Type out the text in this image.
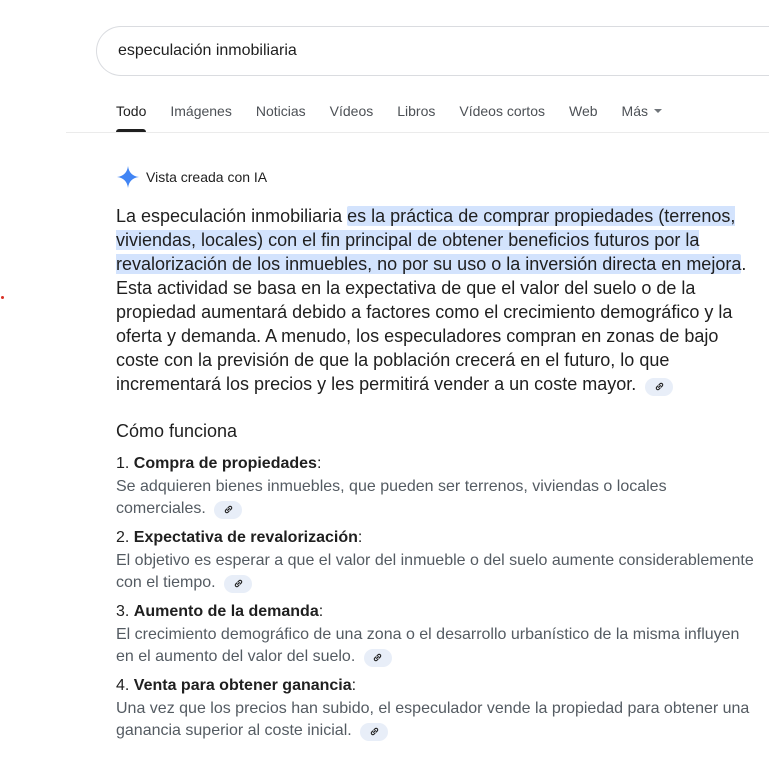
especulación inmobiliaria
Todo Imágenes Noticias Vídeos Libros Vídeos cortos Web Más
Vista creada con IA

La especulación inmobiliaria es la práctica de comprar propiedades (terrenos, viviendas, locales) con el fin principal de obtener beneficios futuros por la revalorización de los inmuebles, no por su uso o la inversión directa en mejora. Esta actividad se basa en la expectativa de que el valor del suelo o de la propiedad aumentará debido a factores como el crecimiento demográfico y la oferta y demanda. A menudo, los especuladores compran en zonas de bajo coste con la previsión de que la población crecerá en el futuro, lo que incrementará los precios y les permitirá vender a un coste mayor.

Cómo funciona
1. Compra de propiedades:
Se adquieren bienes inmuebles, que pueden ser terrenos, viviendas o locales comerciales.
2. Expectativa de revalorización:
El objetivo es esperar a que el valor del inmueble o del suelo aumente considerablemente con el tiempo.
3. Aumento de la demanda:
El crecimiento demográfico de una zona o el desarrollo urbanístico de la misma influyen en el aumento del valor del suelo.
4. Venta para obtener ganancia:
Una vez que los precios han subido, el especulador vende la propiedad para obtener una ganancia superior al coste inicial.
